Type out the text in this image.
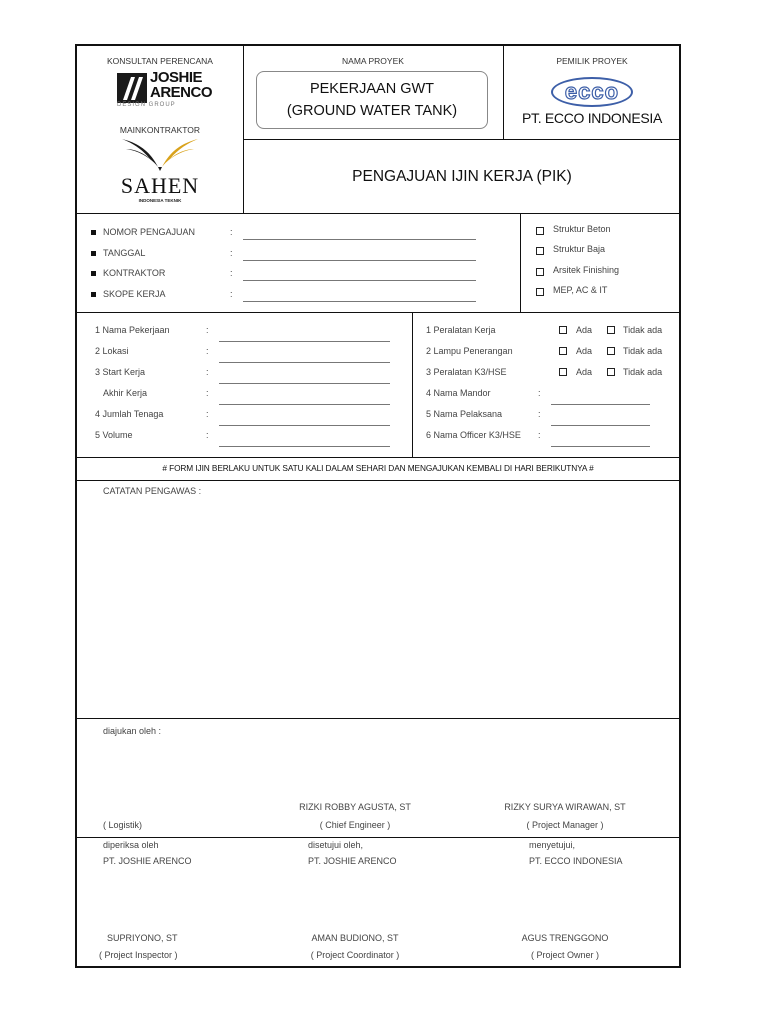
KONSULTAN PERENCANA
JOSHIE
ARENCO
DESIGN GROUP
MAINKONTRAKTOR
SAHEN
INDONESIA TEKNIK
NAMA PROYEK
PEKERJAAN GWT
(GROUND WATER TANK)
PEMILIK PROYEK
ecco
PT. ECCO INDONESIA
PENGAJUAN IJIN KERJA (PIK)
NOMOR PENGAJUAN	:
TANGGAL	:
KONTRAKTOR	:
SKOPE KERJA	:
Struktur Beton
Struktur Baja
Arsitek Finishing
MEP, AC & IT
1 Nama Pekerjaan	:
2 Lokasi	:
3 Start Kerja	:
Akhir Kerja	:
4 Jumlah Tenaga	:
5 Volume	:
1 Peralatan Kerja	Ada	Tidak ada
2 Lampu Penerangan	Ada	Tidak ada
3 Peralatan K3/HSE	Ada	Tidak ada
4 Nama Mandor	:
5 Nama Pelaksana	:
6 Nama Officer K3/HSE :
# FORM IJIN BERLAKU UNTUK SATU KALI DALAM SEHARI DAN MENGAJUKAN KEMBALI DI HARI BERIKUTNYA #
CATATAN PENGAWAS :
diajukan oleh :
( Logistik)
RIZKI ROBBY AGUSTA, ST
( Chief Engineer )
RIZKY SURYA WIRAWAN, ST
( Project Manager )
diperiksa oleh
PT. JOSHIE ARENCO
SUPRIYONO, ST
( Project Inspector )
disetujui oleh,
PT. JOSHIE ARENCO
AMAN BUDIONO, ST
( Project Coordinator )
menyetujui,
PT. ECCO INDONESIA
AGUS TRENGGONO
( Project Owner )
